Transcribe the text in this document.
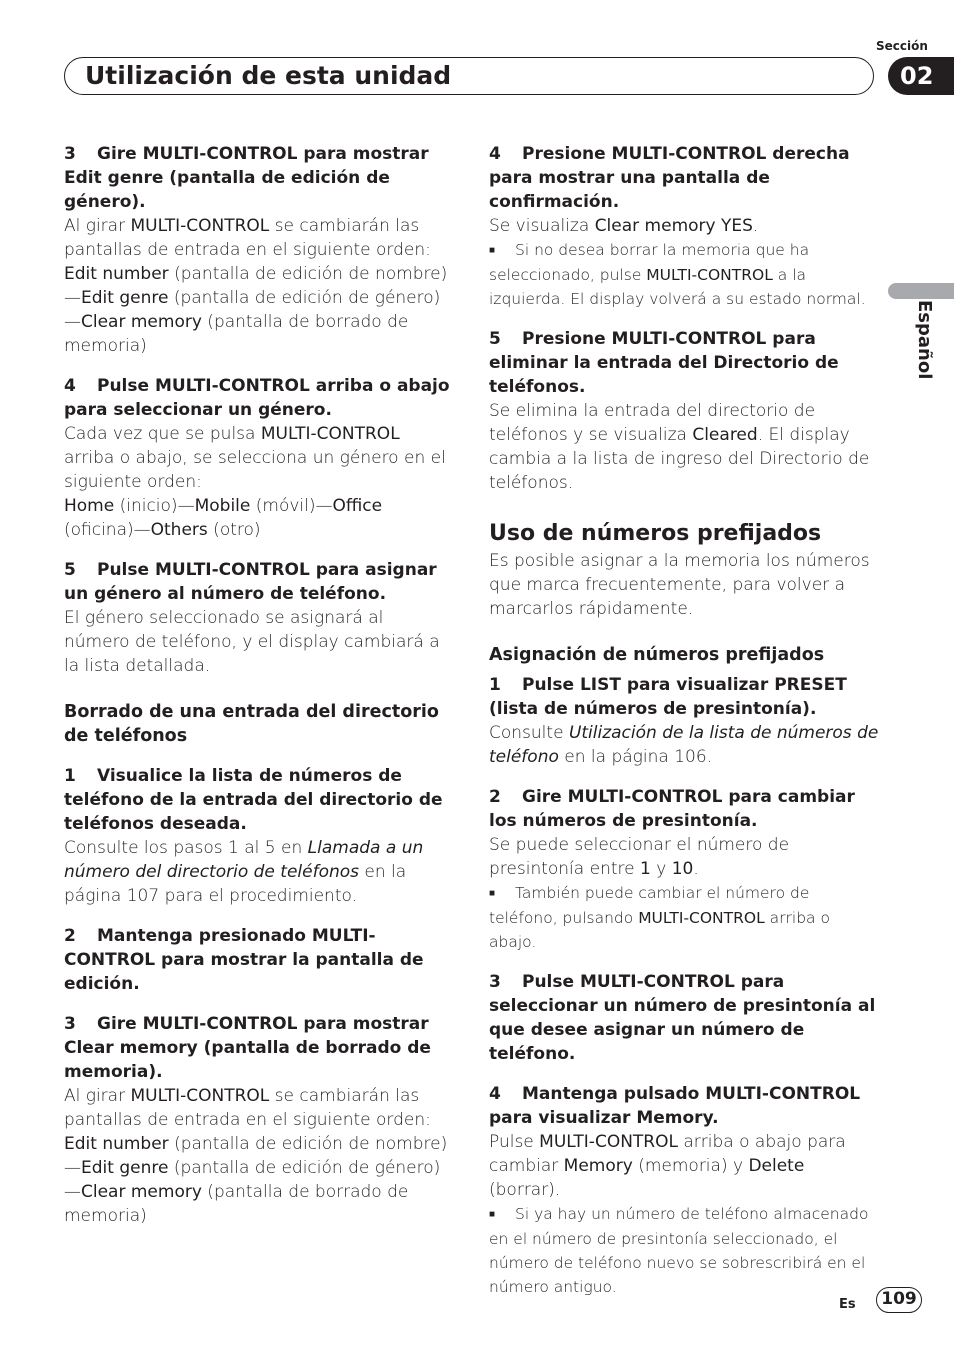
Sección
Utilización de esta unidad	02
Español

3 Gire MULTI-CONTROL para mostrar Edit genre (pantalla de edición de género).

Al girar MULTI-CONTROL se cambiarán las pantallas de entrada en el siguiente orden:

Edit number (pantalla de edición de nombre)
—Edit genre (pantalla de edición de género)
—Clear memory (pantalla de borrado de memoria)

4 Pulse MULTI-CONTROL arriba o abajo para seleccionar un género.

Cada vez que se pulsa MULTI-CONTROL arriba o abajo, se selecciona un género en el siguiente orden:

Home (inicio)—Mobile (móvil)—Office (oficina)—Others (otro)

5 Pulse MULTI-CONTROL para asignar un género al número de teléfono.

El género seleccionado se asignará al número de teléfono, y el display cambiará a la lista detallada.

Borrado de una entrada del directorio de teléfonos

1 Visualice la lista de números de teléfono de la entrada del directorio de teléfonos deseada.

Consulte los pasos 1 al 5 en Llamada a un número del directorio de teléfonos en la página 107 para el procedimiento.

2 Mantenga presionado MULTI-CONTROL para mostrar la pantalla de edición.

3 Gire MULTI-CONTROL para mostrar Clear memory (pantalla de borrado de memoria).

Al girar MULTI-CONTROL se cambiarán las pantallas de entrada en el siguiente orden:

Edit number (pantalla de edición de nombre)
—Edit genre (pantalla de edición de género)
—Clear memory (pantalla de borrado de memoria)

4 Presione MULTI-CONTROL derecha para mostrar una pantalla de confirmación.

Se visualiza Clear memory YES.

■ Si no desea borrar la memoria que ha seleccionado, pulse MULTI-CONTROL a la izquierda. El display volverá a su estado normal.

5 Presione MULTI-CONTROL para eliminar la entrada del Directorio de teléfonos.

Se elimina la entrada del directorio de teléfonos y se visualiza Cleared. El display cambia a la lista de ingreso del Directorio de teléfonos.

Uso de números prefijados

Es posible asignar a la memoria los números que marca frecuentemente, para volver a marcarlos rápidamente.

Asignación de números prefijados

1 Pulse LIST para visualizar PRESET (lista de números de presintonía).

Consulte Utilización de la lista de números de teléfono en la página 106.

2 Gire MULTI-CONTROL para cambiar los números de presintonía.

Se puede seleccionar el número de presintonía entre 1 y 10.

■ También puede cambiar el número de teléfono, pulsando MULTI-CONTROL arriba o abajo.

3 Pulse MULTI-CONTROL para seleccionar un número de presintonía al que desee asignar un número de teléfono.

4 Mantenga pulsado MULTI-CONTROL para visualizar Memory.

Pulse MULTI-CONTROL arriba o abajo para cambiar Memory (memoria) y Delete (borrar).

■ Si ya hay un número de teléfono almacenado en el número de presintonía seleccionado, el número de teléfono nuevo se sobrescribirá en el número antiguo.

Es	109
